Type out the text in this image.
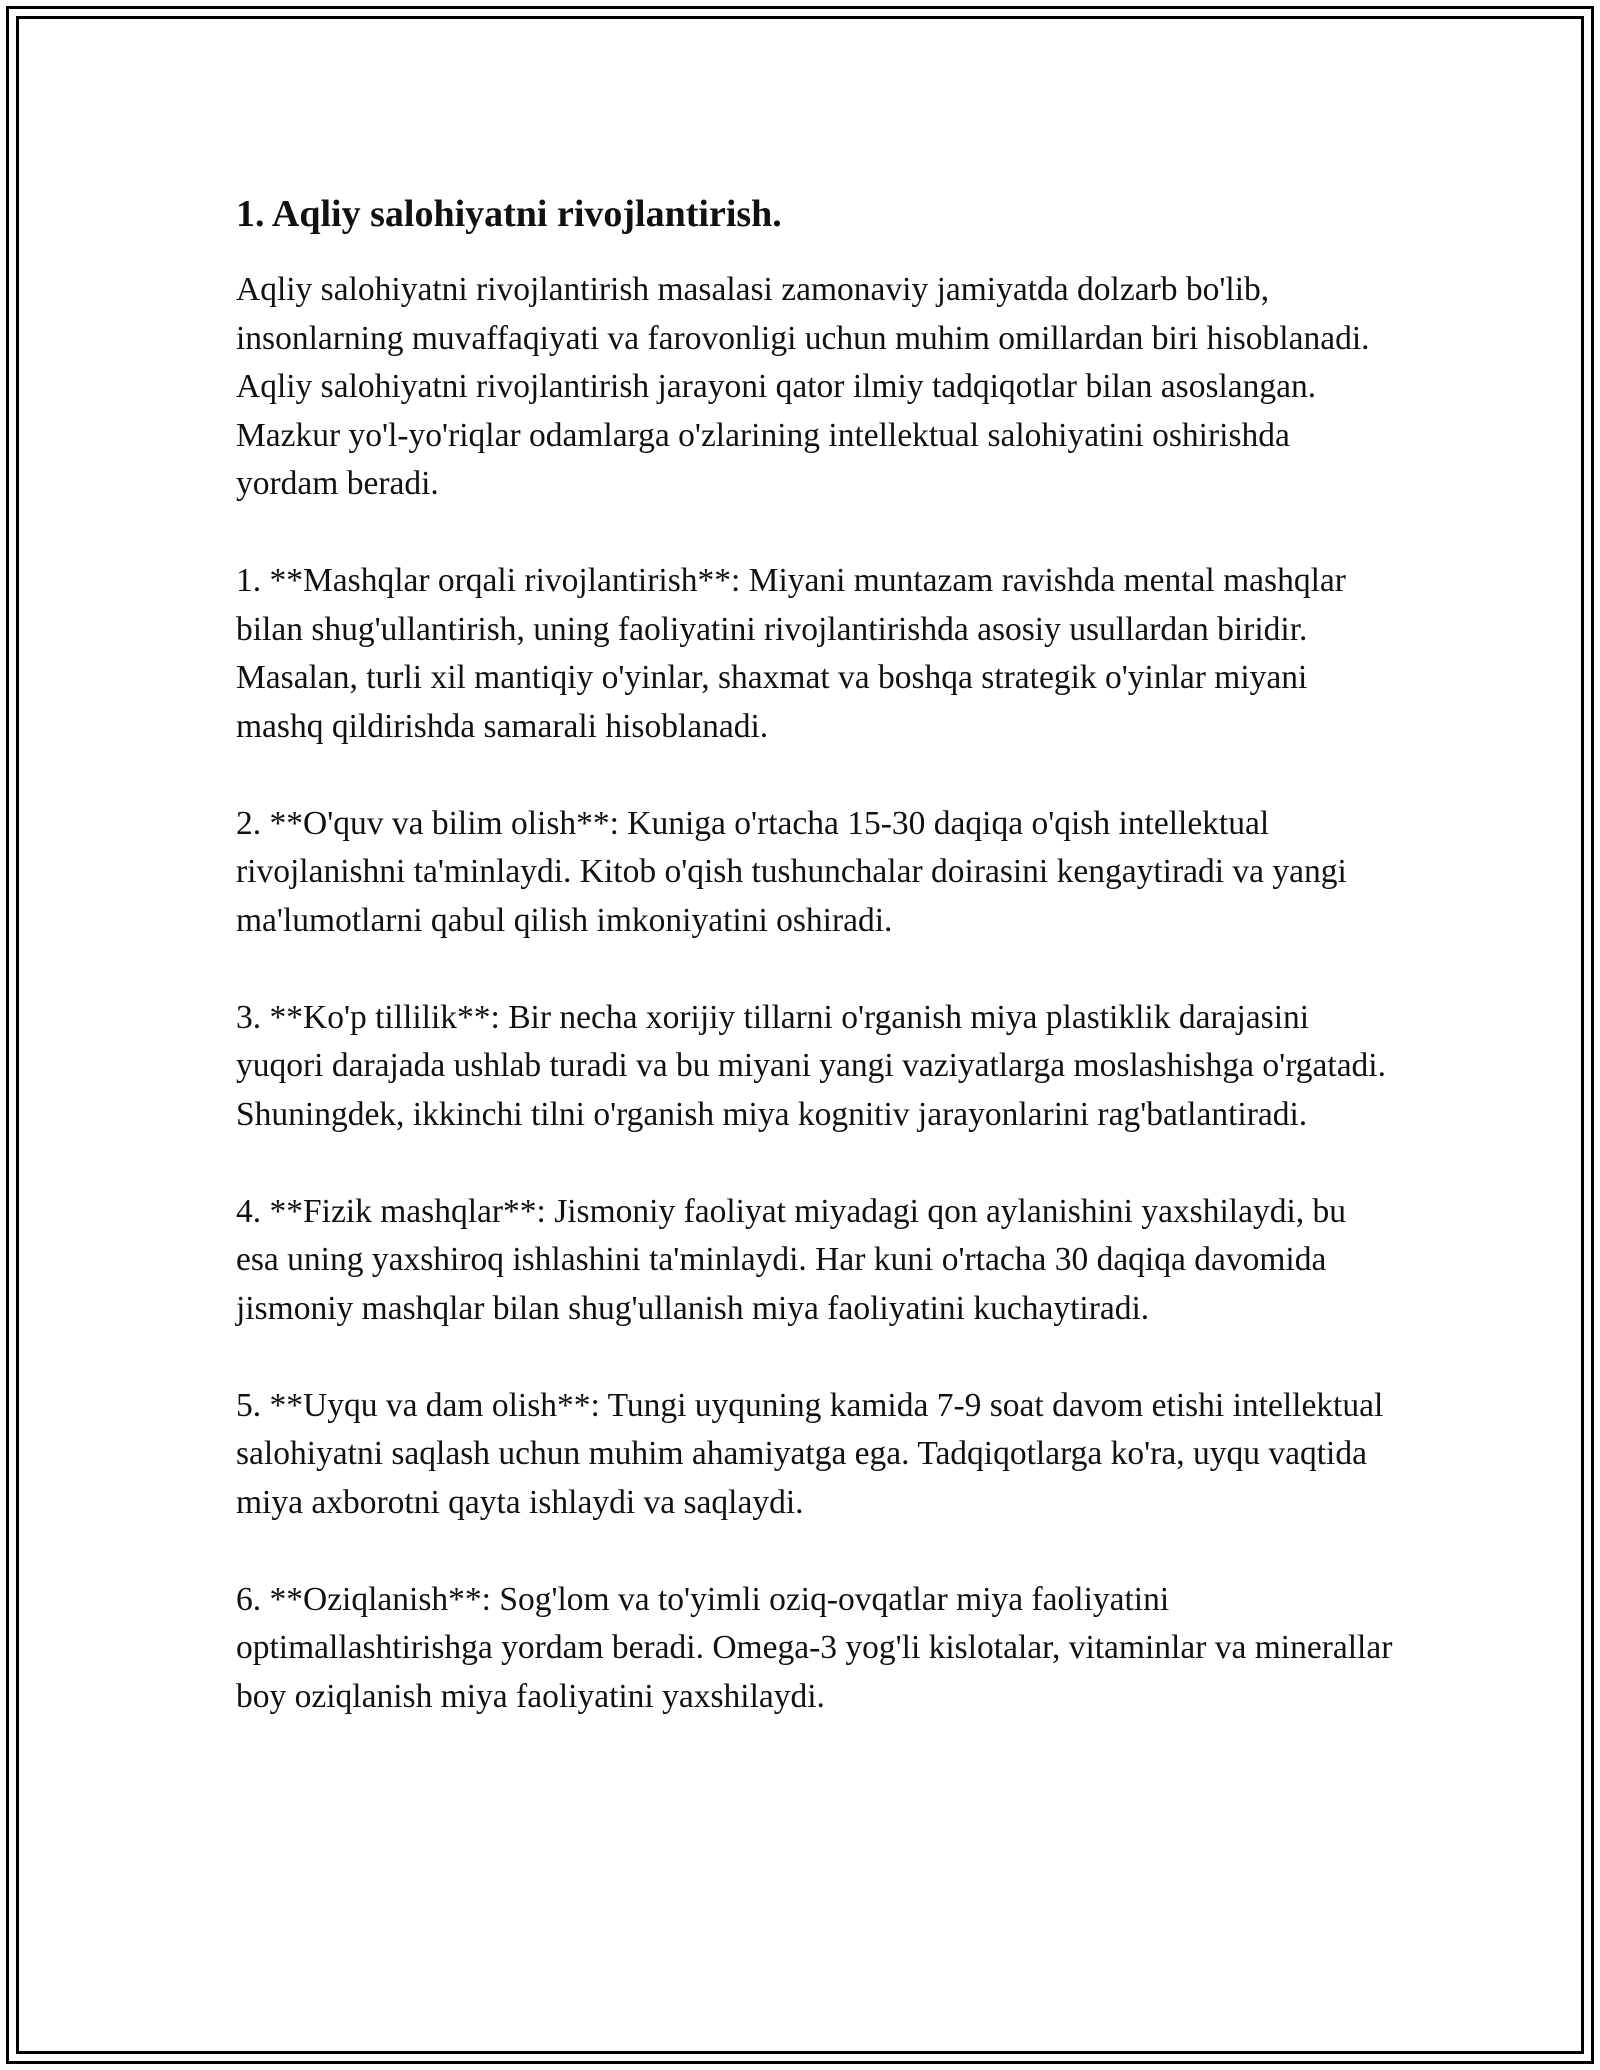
1. Aqliy salohiyatni rivojlantirish.

Aqliy salohiyatni rivojlantirish masalasi zamonaviy jamiyatda dolzarb bo'lib, insonlarning muvaffaqiyati va farovonligi uchun muhim omillardan biri hisoblanadi. Aqliy salohiyatni rivojlantirish jarayoni qator ilmiy tadqiqotlar bilan asoslangan. Mazkur yo'l-yo'riqlar odamlarga o'zlarining intellektual salohiyatini oshirishda yordam beradi.

1. **Mashqlar orqali rivojlantirish**: Miyani muntazam ravishda mental mashqlar bilan shug'ullantirish, uning faoliyatini rivojlantirishda asosiy usullardan biridir. Masalan, turli xil mantiqiy o'yinlar, shaxmat va boshqa strategik o'yinlar miyani mashq qildirishda samarali hisoblanadi.

2. **O'quv va bilim olish**: Kuniga o'rtacha 15-30 daqiqa o'qish intellektual rivojlanishni ta'minlaydi. Kitob o'qish tushunchalar doirasini kengaytiradi va yangi ma'lumotlarni qabul qilish imkoniyatini oshiradi.

3. **Ko'p tillilik**: Bir necha xorijiy tillarni o'rganish miya plastiklik darajasini yuqori darajada ushlab turadi va bu miyani yangi vaziyatlarga moslashishga o'rgatadi. Shuningdek, ikkinchi tilni o'rganish miya kognitiv jarayonlarini rag'batlantiradi.

4. **Fizik mashqlar**: Jismoniy faoliyat miyadagi qon aylanishini yaxshilaydi, bu esa uning yaxshiroq ishlashini ta'minlaydi. Har kuni o'rtacha 30 daqiqa davomida jismoniy mashqlar bilan shug'ullanish miya faoliyatini kuchaytiradi.

5. **Uyqu va dam olish**: Tungi uyquning kamida 7-9 soat davom etishi intellektual salohiyatni saqlash uchun muhim ahamiyatga ega. Tadqiqotlarga ko'ra, uyqu vaqtida miya axborotni qayta ishlaydi va saqlaydi.

6. **Oziqlanish**: Sog'lom va to'yimli oziq-ovqatlar miya faoliyatini optimallashtirishga yordam beradi. Omega-3 yog'li kislotalar, vitaminlar va minerallar boy oziqlanish miya faoliyatini yaxshilaydi.
